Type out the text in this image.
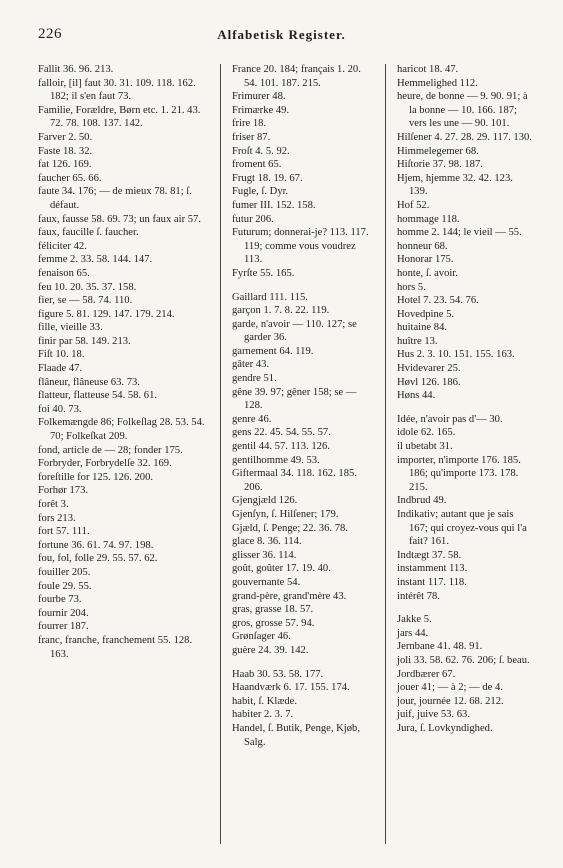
226	Alfabetisk Register.

Fallit 36. 96. 213.

falloir, [il] faut 30. 31. 109. 118. 162. 182; il s'en faut 73.

Familie, Forældre, Børn etc. 1. 21. 43. 72. 78. 108. 137. 142.

Farver 2. 50.

Faste 18. 32.

fat 126. 169.

faucher 65. 66.

faute 34. 176; — de mieux 78. 81; ſ. défaut.

faux, fausse 58. 69. 73; un faux air 57.

faux, faucille ſ. faucher.

féliciter 42.

femme 2. 33. 58. 144. 147.

fenaison 65.

feu 10. 20. 35. 37. 158.

fier, se — 58. 74. 110.

figure 5. 81. 129. 147. 179. 214.

fille, vieille 33.

finir par 58. 149. 213.

Fiſt 10. 18.

Flaade 47.

flâneur, flâneuse 63. 73.

flatteur, flatteuse 54. 58. 61.

foi 40. 73.

Folkemængde 86; Folkeſlag 28. 53. 54. 70; Folkeſkat 209.

fond, article de — 28; fonder 175.

Forbryder, Forbrydelſe 32. 169.

foreſtille for 125. 126. 200.

Forhør 173.

forêt 3.

fors 213.

fort 57. 111.

fortune 36. 61. 74. 97. 198.

fou, fol, folle 29. 55. 57. 62.

fouiller 205.

foule 29. 55.

fourbe 73.

fournir 204.

fourrer 187.

franc, franche, franchement 55. 128. 163.

France 20. 184; français 1. 20. 54. 101. 187. 215.

Frimurer 48.

Frimærke 49.

frire 18.

friser 87.

Froſt 4. 5. 92.

froment 65.

Frugt 18. 19. 67.

Fugle, ſ. Dyr.

fumer III. 152. 158.

futur 206.

Futurum; donnerai-je? 113. 117. 119; comme vous voudrez 113.

Fyrſte 55. 165.

Gaillard 111. 115.

garçon 1. 7. 8. 22. 119.

garde, n'avoir — 110. 127; se garder 36.

garnement 64. 119.

gâter 43.

gendre 51.

gêne 39. 97; gêner 158; se — 128.

genre 46.

gens 22. 45. 54. 55. 57.

gentil 44. 57. 113. 126.

gentilhomme 49. 53.

Giftermaal 34. 118. 162. 185. 206.

Gjengjæld 126.

Gjenſyn, ſ. Hilſener; 179.

Gjæld, ſ. Penge; 22. 36. 78.

glace 8. 36. 114.

glisser 36. 114.

goût, goûter 17. 19. 40.

gouvernante 54.

grand-père, grand'mère 43.

gras, grasse 18. 57.

gros, grosse 57. 94.

Grønſager 46.

guère 24. 39. 142.

Haab 30. 53. 58. 177.

Haandværk 6. 17. 155. 174.

habit, ſ. Klæde.

habiter 2. 3. 7.

Handel, ſ. Butik, Penge, Kjøb, Salg.

haricot 18. 47.

Hemmelighed 112.

heure, de bonne — 9. 90. 91; à la bonne — 10. 166. 187; vers les une — 90. 101.

Hilſener 4. 27. 28. 29. 117. 130.

Himmelegemer 68.

Hiſtorie 37. 98. 187.

Hjem, hjemme 32. 42. 123. 139.

Hof 52.

hommage 118.

homme 2. 144; le vieil — 55.

honneur 68.

Honorar 175.

honte, ſ. avoir.

hors 5.

Hotel 7. 23. 54. 76.

Hovedpine 5.

huitaine 84.

huître 13.

Hus 2. 3. 10. 151. 155. 163.

Hvidevarer 25.

Høvl 126. 186.

Høns 44.

Idée, n'avoir pas d'— 30.

idole 62. 165.

il ubetabt 31.

importer, n'importe 176. 185. 186; qu'importe 173. 178. 215.

Indbrud 49.

Indikativ; autant que je sais 167; qui croyez-vous qui l'a fait? 161.

Indtægt 37. 58.

instamment 113.

instant 117. 118.

intérêt 78.

Jakke 5.

jars 44.

Jernbane 41. 48. 91.

joli 33. 58. 62. 76. 206; ſ. beau.

Jordbærer 67.

jouer 41; — à 2; — de 4.

jour, journée 12. 68. 212.

juif, juive 53. 63.

Jura, ſ. Lovkyndighed.
